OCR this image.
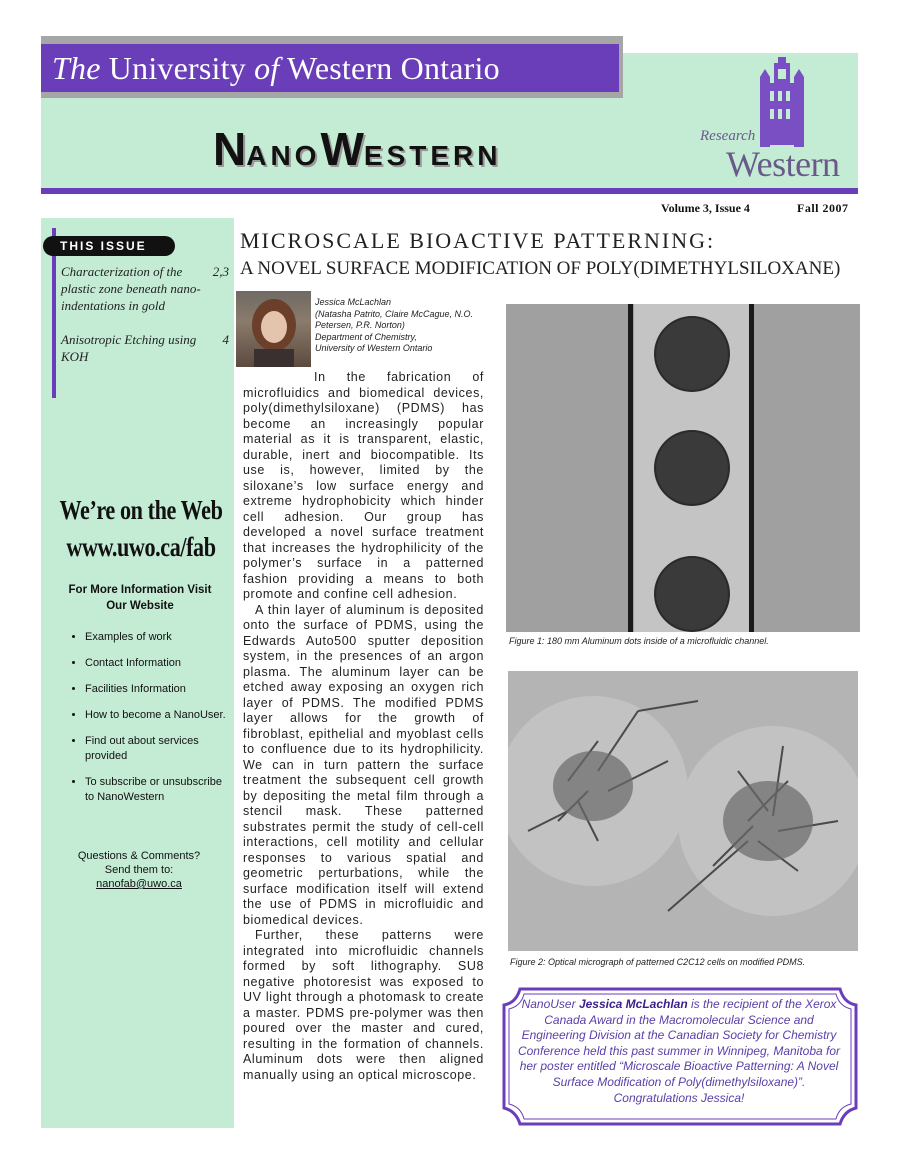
The University of Western Ontario
NANOWESTERN
Research
Western
Volume 3, Issue 4	Fall 2007
THIS ISSUE
Characterization of the plastic zone beneath nano-indentations in gold
2,3
Anisotropic Etching using KOH
4
We’re on the Web
www.uwo.ca/fab
For More Information Visit Our Website
• Examples of work
• Contact Information
• Facilities Information
• How to become a NanoUser.
• Find out about services provided
• To subscribe or unsubscribe to NanoWestern
Questions & Comments? Send them to:
nanofab@uwo.ca
MICROSCALE BIOACTIVE PATTERNING:
A NOVEL SURFACE MODIFICATION OF POLY(DIMETHYLSILOXANE)
Jessica McLachlan
(Natasha Patrito, Claire McCague, N.O. Petersen, P.R. Norton)
Department of Chemistry,
University of Western Ontario

In the fabrication of microfluidics and biomedical devices, poly(dimethylsiloxane) (PDMS) has become an increasingly popular material as it is transparent, elastic, durable, inert and biocompatible. Its use is, however, limited by the siloxane’s low surface energy and extreme hydrophobicity which hinder cell adhesion. Our group has developed a novel surface treatment that increases the hydrophilicity of the polymer’s surface in a patterned fashion providing a means to both promote and confine cell adhesion.

A thin layer of aluminum is deposited onto the surface of PDMS, using the Edwards Auto500 sputter deposition system, in the presences of an argon plasma. The aluminum layer can be etched away exposing an oxygen rich layer of PDMS. The modified PDMS layer allows for the growth of fibroblast, epithelial and myoblast cells to confluence due to its hydrophilicity. We can in turn pattern the surface treatment the subsequent cell growth by depositing the metal film through a stencil mask. These patterned substrates permit the study of cell-cell interactions, cell motility and cellular responses to various spatial and geometric perturbations, while the surface modification itself will extend the use of PDMS in microfluidic and biomedical devices.

Further, these patterns were integrated into microfluidic channels formed by soft lithography. SU8 negative photoresist was exposed to UV light through a photomask to create a master. PDMS pre-polymer was then poured over the master and cured, resulting in the formation of channels. Aluminum dots were then aligned manually using an optical microscope.

Figure 1: 180 mm Aluminum dots inside of a microfluidic channel.
Figure 2: Optical micrograph of patterned C2C12 cells on modified PDMS.
NanoUser Jessica McLachlan is the recipient of the Xerox Canada Award in the Macromolecular Science and Engineering Division at the Canadian Society for Chemistry Conference held this past summer in Winnipeg, Manitoba for her poster entitled “Microscale Bioactive Patterning: A Novel Surface Modification of Poly(dimethylsiloxane)”. Congratulations Jessica!
